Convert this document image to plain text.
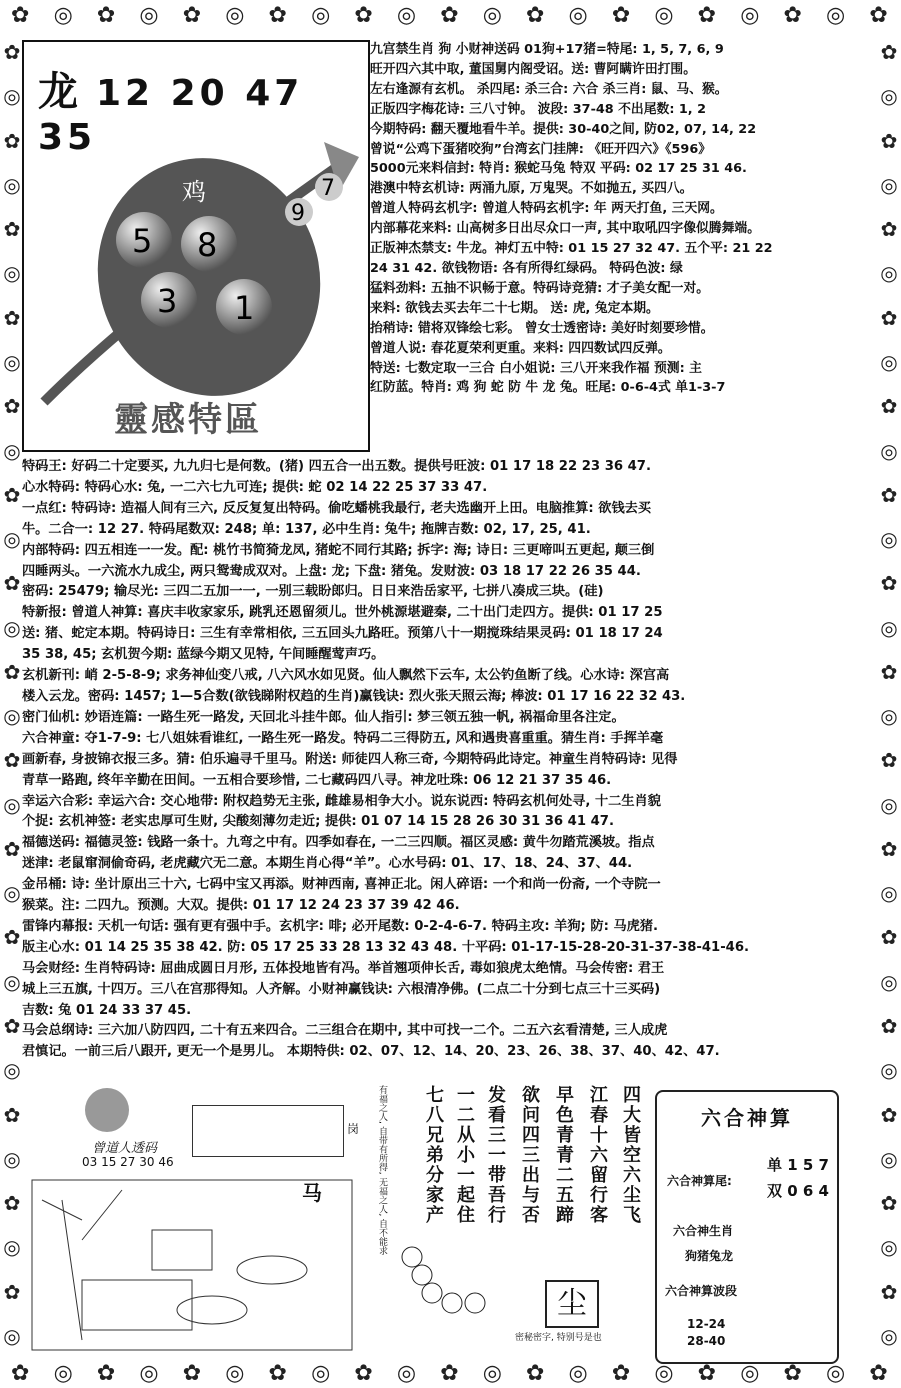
✿ ◎ ✿ ◎ ✿ ◎ ✿ ◎ ✿ ◎ ✿ ◎ ✿ ◎ ✿ ◎ ✿ ◎ ✿ ◎ ✿
✿ ◎ ✿ ◎ ✿ ◎ ✿ ◎ ✿ ◎ ✿ ◎ ✿ ◎ ✿ ◎ ✿ ◎ ✿ ◎ ✿
✿
◎
✿
◎
✿
◎
✿
◎
✿
◎
✿
◎
✿
◎
✿
◎
✿
◎
✿
◎
✿
◎
✿
◎
✿
◎
✿
◎
✿
◎
✿
◎
✿
◎
✿
◎
✿
◎
✿
◎
✿
◎
✿
◎
✿
◎
✿
◎
✿
◎
✿
◎
✿
◎
✿
◎
✿
◎
✿
◎
龙 12 20 47 35
鸡
5 8
3 1
9
7
靈感特區
九宫禁生肖 狗 小财神送码 01狗+17猪=特尾: 1, 5, 7, 6, 9
旺开四六其中取, 董国舅内阁受诏。送: 曹阿瞒许田打围。
左右逢源有玄机。 杀四尾: 杀三合: 六合 杀三肖: 鼠、马、猴。
正版四字梅花诗: 三八寸钟。 波段: 37-48 不出尾数: 1, 2
今期特码: 翻天覆地看牛羊。提供: 30-40之间, 防02, 07, 14, 22
曾说“公鸡下蛋猪咬狗”台湾玄门挂牌: 《旺开四六》《596》
5000元来料信封: 特肖: 猴蛇马兔 特双 平码: 02 17 25 31 46.
港澳中特玄机诗: 两涌九原, 万鬼哭。不如抛五, 买四八。
曾道人特码玄机字: 曾道人特码玄机字: 年 两天打鱼, 三天网。
内部幕花来料: 山高树多日出尽众口一声, 其中取吼四字像似腾舞端。
正版神杰禁支: 牛龙。神灯五中特: 01 15 27 32 47. 五个平: 21 22
24 31 42. 欲钱物语: 各有所得红绿码。 特码色波: 绿
猛料劲料: 五抽不识畅于意。特码诗竞猜: 才子美女配一对。
来料: 欲钱去买去年二十七期。 送: 虎, 兔定本期。
抬稍诗: 错将双锋绘七彩。 曾女士透密诗: 美好时刻要珍惜。
曾道人说: 春花夏荣利更重。来料: 四四数试四反弹。
特送: 七数定取一三合 白小姐说: 三八开来我作福 预测: 主
红防蓝。特肖: 鸡 狗 蛇 防 牛 龙 兔。旺尾: 0-6-4式 单1-3-7
特码王: 好码二十定要买, 九九归七是何数。(猪) 四五合一出五数。提供号旺波: 01 17 18 22 23 36 47.
心水特码: 特码心水: 兔, 一二六七九可连; 提供: 蛇 02 14 22 25 37 33 47.
一点红: 特码诗: 造福人间有三六, 反反复复出特码。偷吃蟠桃我最行, 老夫选幽开上田。电脑推算: 欲钱去买
牛。二合一: 12 27. 特码尾数双: 248; 单: 137, 必中生肖: 兔牛; 拖牌吉数: 02, 17, 25, 41.
内部特码: 四五相连一一发。配: 桃竹书简猗龙凤, 猪蛇不同行其路; 拆字: 海; 诗日: 三更啼叫五更起, 颠三倒
四睡两头。一六流水九成尘, 两只鸳鸯成双对。上盘: 龙; 下盘: 猪兔。发财波: 03 18 17 22 26 35 44.
密码: 25479; 输尽光: 三四二五加一一, 一别三载盼郎归。日日来浩岳家平, 七拼八凑成三块。(硅)
特新报: 曾道人神算: 喜庆丰收家家乐, 跳乳还恩留须儿。世外桃源堪避秦, 二十出门走四方。提供: 01 17 25
送: 猪、蛇定本期。特码诗日: 三生有幸常相依, 三五回头九路旺。预第八十一期搅珠结果灵码: 01 18 17 24
35 38, 45; 玄机贺今期: 蓝绿今期又见特, 午间睡醒莺声巧。
玄机新刊: 峭 2-5-8-9; 求务神仙变八戒, 八六风水如见贤。仙人飘然下云车, 太公钓鱼断了线。心水诗: 深宫高
楼入云龙。密码: 1457; 1—5合数(欲钱睇附权趋的生肖)赢钱诀: 烈火张天照云海; 棒波: 01 17 16 22 32 43.
密门仙机: 妙语连篇: 一路生死一路发, 天回北斗挂牛郎。仙人指引: 梦三领五独一帆, 祸福命里各注定。
六合神童: 夺1-7-9: 七八姐妹看谁红, 一路生死一路发。特码二三得防五, 风和遇贵喜重重。猜生肖: 手挥羊毫
画新春, 身披锦衣报三多。猜: 伯乐遍寻千里马。附送: 师徒四人称三奇, 今期特码此诗定。神童生肖特码诗: 见得
青草一路跑, 终年辛勤在田间。一五相合要珍惜, 二七藏码四八寻。神龙吐珠: 06 12 21 37 35 46.
幸运六合彩: 幸运六合: 交心地带: 附权趋势无主张, 雌雄易相争大小。说东说西: 特码玄机何处寻, 十二生肖貌
个捉: 玄机神签: 老实忠厚可生财, 尖酸刻薄勿走近; 提供: 01 07 14 15 28 26 30 31 36 41 47.
福德送码: 福德灵签: 钱路一条十。九弯之中有。四季如春在, 一二三四顺。福区灵感: 黄牛勿踏荒溪坡。指点
迷津: 老鼠窜洞偷奇码, 老虎藏穴无二意。本期生肖心得“羊”。心水号码: 01、17、18、24、37、44.
金吊桶: 诗: 坐计原出三十六, 七码中宝又再添。财神西南, 喜神正北。闲人碎语: 一个和尚一份斋, 一个寺院一
猴菜。注: 二四九。预测。大双。提供: 01 17 12 24 23 37 39 42 46.
雷锋内幕报: 天机一句话: 强有更有强中手。玄机字: 啡; 必开尾数: 0-2-4-6-7. 特码主攻: 羊狗; 防: 马虎猪.
版主心水: 01 14 25 35 38 42. 防: 05 17 25 33 28 13 32 43 48. 十平码: 01-17-15-28-20-31-37-38-41-46.
马会财经: 生肖特码诗: 屈曲成圆日月形, 五体投地皆有冯。举首翘项伸长舌, 毒如狼虎太绝情。马会传密: 君王
城上三五旗, 十四万。三八在宫那得知。人齐解。小财神赢钱诀: 六根清净佛。(二点二十分到七点三十三买码)
吉数: 兔 01 24 33 37 45.
马会总纲诗: 三六加八防四四, 二十有五来四合。二三组合在期中, 其中可找一二个。二五六玄看清楚, 三人成虎
君慎记。一前三后八跟开, 更无一个是男儿。 本期特供: 02、07、12、14、20、23、26、38、37、40、42、47.
曾道人透码
03 15 27 30 46
马
岗	有福之人, 自带有所得, 无福之人, 自不能求 七八兄弟分家产 一二从小一起住 发看三一带吾行 欲问四三出与否 早色青青二五蹄 江春十六留行客 四大皆空六尘飞
尘
密秘密字, 特别号是也
六合神算
六合神算尾:
单 1 5 7
双 0 6 4
六合神生肖
狗猪兔龙
六合神算波段
12-24
28-40
